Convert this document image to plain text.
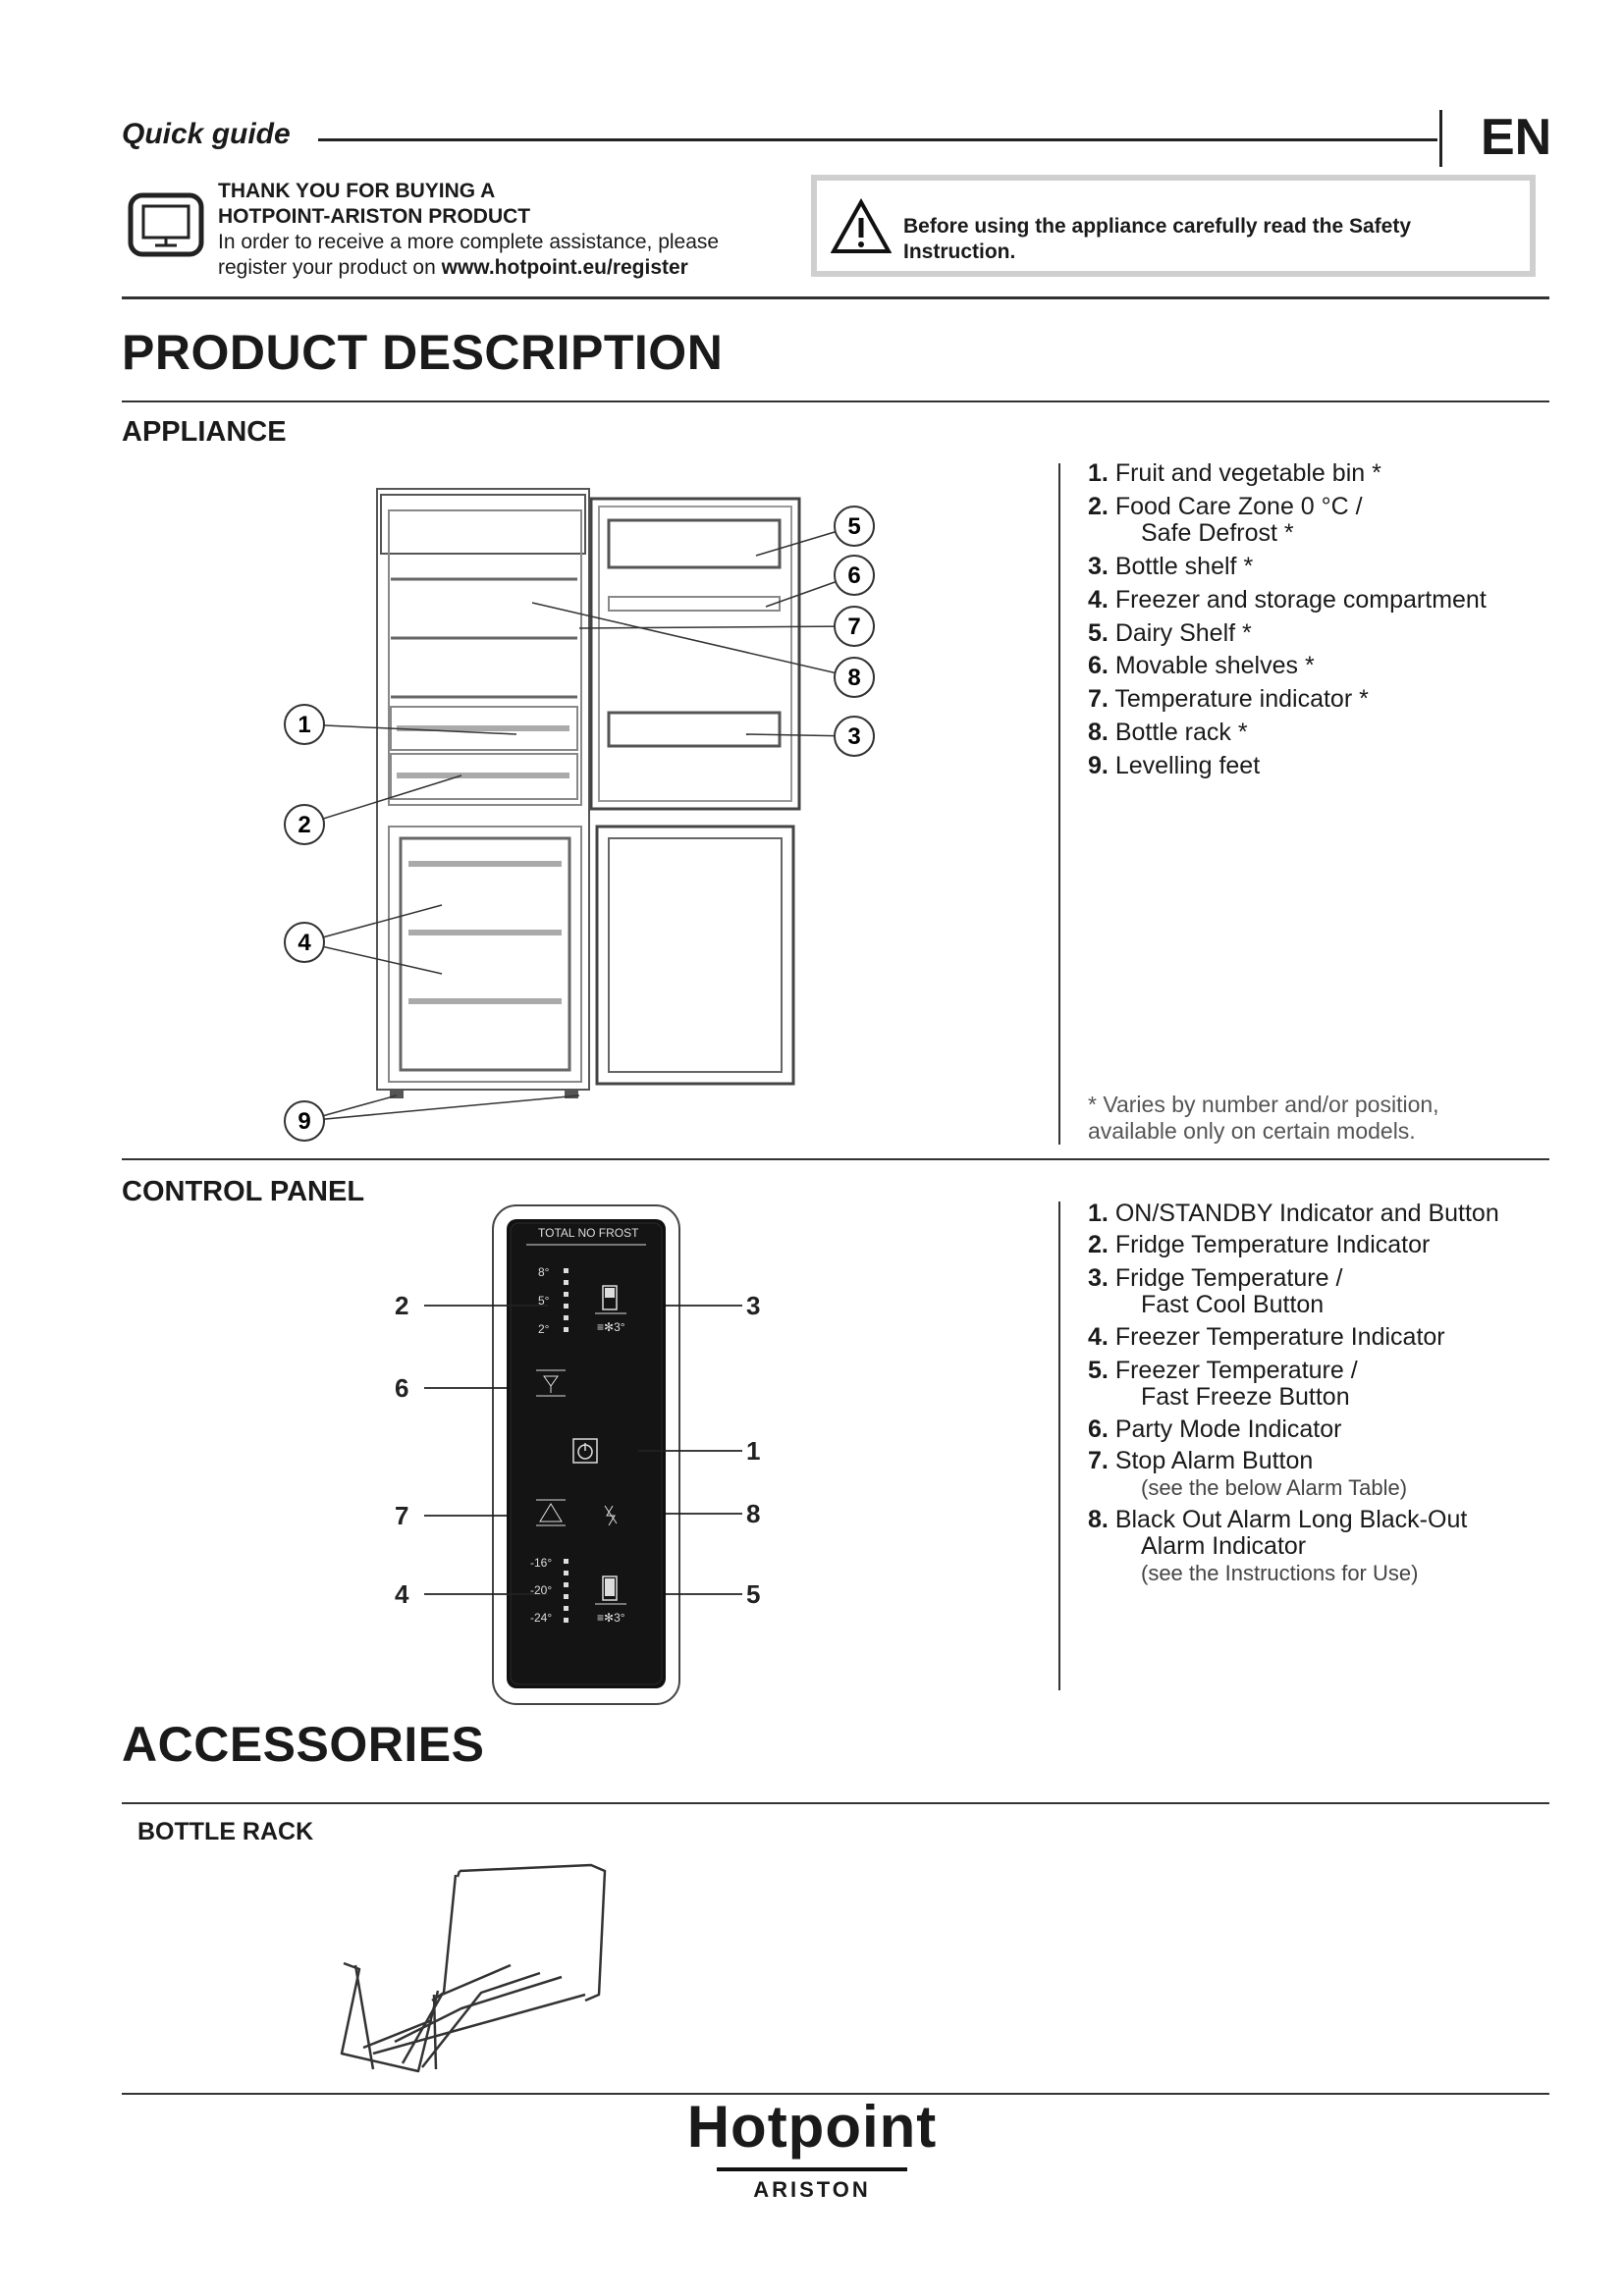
Quick guide	EN
THANK YOU FOR BUYING A
HOTPOINT-ARISTON PRODUCT
In order to receive a more complete assistance, please
register your product on www.hotpoint.eu/register
Before using the appliance carefully read the Safety
Instruction.
PRODUCT DESCRIPTION
APPLIANCE
1
2
4
9
5
6
7
8
3
1. Fruit and vegetable bin *
2. Food Care Zone 0 °C /
Safe Defrost *
3. Bottle shelf *
4. Freezer and storage compartment
5. Dairy Shelf *
6. Movable shelves *
7. Temperature indicator *
8. Bottle rack *
9. Levelling feet
* Varies by number and/or position,
available only on certain models.
CONTROL PANEL
TOTAL NO FROST
8°
5°
2°	≡✻3°
-16°
-20°
-24°	≡✻3°
2	3
6
1
7	8
4	5
1. ON/STANDBY Indicator and Button
2. Fridge Temperature Indicator
3. Fridge Temperature /
Fast Cool Button
4. Freezer Temperature Indicator
5. Freezer Temperature /
Fast Freeze Button
6. Party Mode Indicator
7. Stop Alarm Button
(see the below Alarm Table)
8. Black Out Alarm Long Black-Out
Alarm Indicator
(see the Instructions for Use)
ACCESSORIES
BOTTLE RACK
Hotpoint
ARISTON
